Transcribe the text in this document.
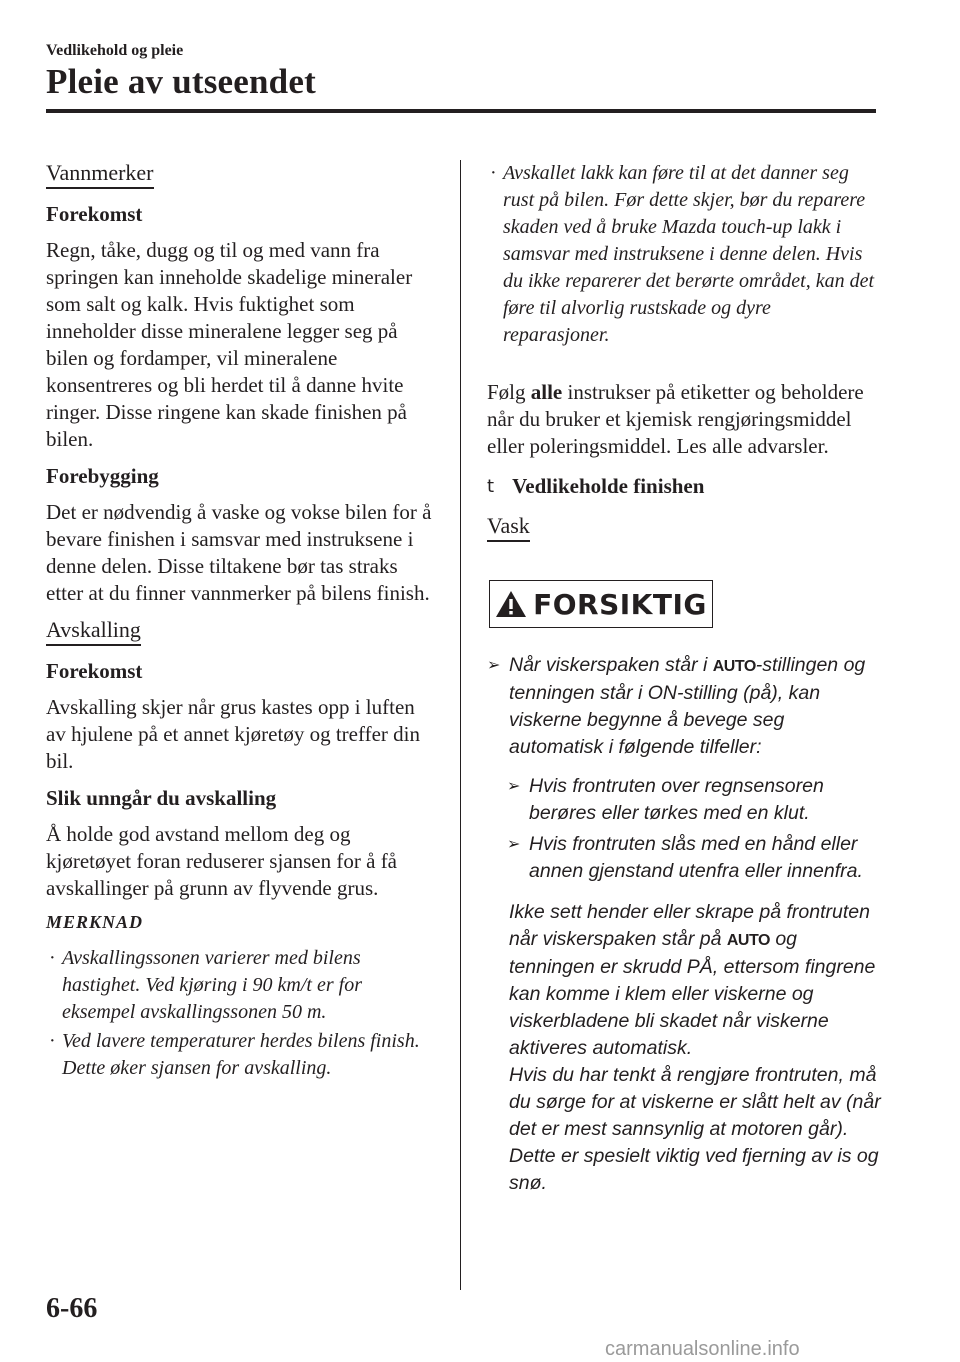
Vedlikehold og pleie
Pleie av utseendet
Vannmerker
Forekomst
Regn, tåke, dugg og til og med vann fra springen kan inneholde skadelige mineraler som salt og kalk. Hvis fuktighet som inneholder disse mineralene legger seg på bilen og fordamper, vil mineralene konsentreres og bli herdet til å danne hvite ringer. Disse ringene kan skade finishen på bilen.
Forebygging
Det er nødvendig å vaske og vokse bilen for å bevare finishen i samsvar med instruksene i denne delen. Disse tiltakene bør tas straks etter at du finner vannmerker på bilens finish.
Avskalling
Forekomst
Avskalling skjer når grus kastes opp i luften av hjulene på et annet kjøretøy og treffer din bil.
Slik unngår du avskalling
Å holde god avstand mellom deg og kjøretøyet foran reduserer sjansen for å få avskallinger på grunn av flyvende grus.
MERKNAD
· Avskallingssonen varierer med bilens hastighet. Ved kjøring i 90 km/t er for eksempel avskallingssonen 50 m.
· Ved lavere temperaturer herdes bilens finish. Dette øker sjansen for avskalling.
· Avskallet lakk kan føre til at det danner seg rust på bilen. Før dette skjer, bør du reparere skaden ved å bruke Mazda touch-up lakk i samsvar med instruksene i denne delen. Hvis du ikke reparerer det berørte området, kan det føre til alvorlig rustskade og dyre reparasjoner.
Følg alle instrukser på etiketter og beholdere når du bruker et kjemisk rengjøringsmiddel eller poleringsmiddel. Les alle advarsler.
t Vedlikeholde finishen
Vask
FORSIKTIG
➢ Når viskerspaken står i AUTO-stillingen og tenningen står i ON-stilling (på), kan viskerne begynne å bevege seg automatisk i følgende tilfeller:
➢ Hvis frontruten over regnsensoren berøres eller tørkes med en klut.
➢ Hvis frontruten slås med en hånd eller annen gjenstand utenfra eller innenfra.
Ikke sett hender eller skrape på frontruten når viskerspaken står på AUTO og tenningen er skrudd PÅ, ettersom fingrene kan komme i klem eller viskerne og viskerbladene bli skadet når viskerne aktiveres automatisk.
Hvis du har tenkt å rengjøre frontruten, må du sørge for at viskerne er slått helt av (når det er mest sannsynlig at motoren går). Dette er spesielt viktig ved fjerning av is og snø.
6-66
carmanualsonline.info
